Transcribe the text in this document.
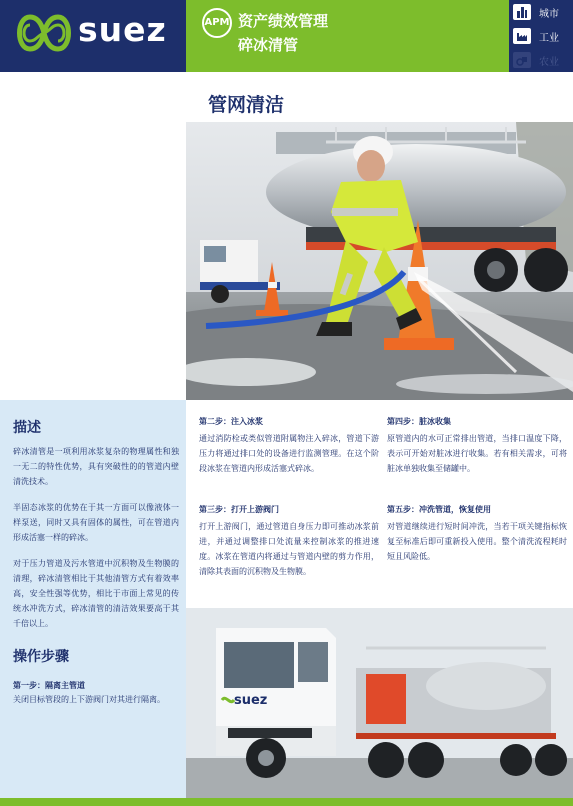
suez	APM 资产绩效管理
碎冰清管
城市
工业
农业
管网清洁
描述
碎冰清管是一项利用冰浆复杂的物理属性和独一无二的特性优势，具有突破性的的管道内壁清洗技术。
半固态冰浆的优势在于其一方面可以像液体一样泵送，同时又具有固体的属性，可在管道内形成活塞一样的碎冰。
对于压力管道及污水管道中沉积物及生物膜的清理，碎冰清管相比于其他清管方式有着效率高，安全性强等优势，相比于市面上常见的传统水冲洗方式，碎冰清管的清洁效果要高于其千倍以上。
操作步骤
第一步：隔离主管道
关闭目标管段的上下游阀门对其进行隔离。
第二步：注入冰浆
通过消防栓或类似管道附属物注入碎冰，管道下游压力将通过排口处的设备进行监测管理。在这个阶段冰浆在管道内形成活塞式碎冰。
第三步：打开上游阀门
打开上游阀门，通过管道自身压力即可推动冰浆前进，并通过调整排口处流量来控制冰浆的推进速度。冰浆在管道内将通过与管道内壁的剪力作用，清除其表面的沉积物及生物膜。
第四步：脏冰收集
原管道内的水可正常排出管道，当排口温度下降，表示可开始对脏冰进行收集。若有相关需求，可将脏冰单独收集至储罐中。
第五步：冲洗管道，恢复使用
对管道继续进行短时间冲洗，当若干项关键指标恢复至标准后即可重新投入使用。整个清洗流程耗时短且风险低。
suez
